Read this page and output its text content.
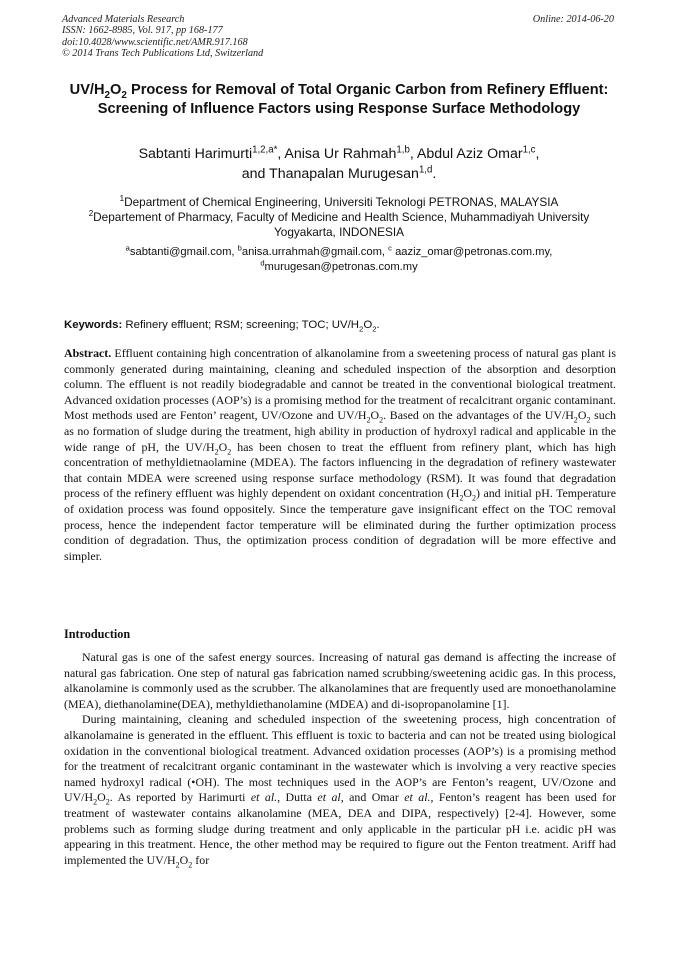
Advanced Materials Research
ISSN: 1662-8985, Vol. 917, pp 168-177
doi:10.4028/www.scientific.net/AMR.917.168
© 2014 Trans Tech Publications Ltd, Switzerland
Online: 2014-06-20
$UV/H_2O_2$ Process for Removal of Total Organic Carbon from Refinery Effluent: Screening of Influence Factors using Response Surface Methodology
Sabtanti Harimurti$^{1,2,a*}$, Anisa Ur Rahmah$^{1,b}$, Abdul Aziz Omar$^{1,c}$,
and Thanapalan Murugesan$^{1,d}$.
$^1$Department of Chemical Engineering, Universiti Teknologi PETRONAS, MALAYSIA
$^2$Departement of Pharmacy, Faculty of Medicine and Health Science, Muhammadiyah University
Yogyakarta, INDONESIA
$^a$sabtanti@gmail.com, $^b$anisa.urrahmah@gmail.com, $^c$ aaziz_omar@petronas.com.my,
$^d$murugesan@petronas.com.my
Keywords: Refinery effluent; RSM; screening; TOC; $UV/H_2O_2$.
Abstract. Effluent containing high concentration of alkanolamine from a sweetening process of natural gas plant is commonly generated during maintaining, cleaning and scheduled inspection of the absorption and desorption column. The effluent is not readily biodegradable and cannot be treated in the conventional biological treatment. Advanced oxidation processes (AOP’s) is a promising method for the treatment of recalcitrant organic contaminant. Most methods used are Fenton’ reagent, UV/Ozone and $UV/H_2O_2$. Based on the advantages of the $UV/H_2O_2$ such as no formation of sludge during the treatment, high ability in production of hydroxyl radical and applicable in the wide range of pH, the $UV/H_2O_2$ has been chosen to treat the effluent from refinery plant, which has high concentration of methyldietnaolamine (MDEA). The factors influencing in the degradation of refinery wastewater that contain MDEA were screened using response surface methodology (RSM). It was found that degradation process of the refinery effluent was highly dependent on oxidant concentration $(H_2O_2)$ and initial pH. Temperature of oxidation process was found oppositely. Since the temperature gave insignificant effect on the TOC removal process, hence the independent factor temperature will be eliminated during the further optimization process condition of degradation. Thus, the optimization process condition of degradation will be more effective and simpler.
Introduction

Natural gas is one of the safest energy sources. Increasing of natural gas demand is affecting the increase of natural gas fabrication. One step of natural gas fabrication named scrubbing/sweetening acidic gas. In this process, alkanolamine is commonly used as the scrubber. The alkanolamines that are frequently used are monoethanolamine (MEA), diethanolamine(DEA), methyldiethanolamine (MDEA) and di-isopropanolamine [1].

During maintaining, cleaning and scheduled inspection of the sweetening process, high concentration of alkanolamaine is generated in the effluent. This effluent is toxic to bacteria and can not be treated using biological oxidation in the conventional biological treatment. Advanced oxidation processes (AOP’s) is a promising method for the treatment of recalcitrant organic contaminant in the wastewater which is involving a very reactive species named hydroxyl radical (•OH). The most techniques used in the AOP’s are Fenton’s reagent, UV/Ozone and $UV/H_2O_2$. As reported by Harimurti et al., Dutta et al, and Omar et al., Fenton’s reagent has been used for treatment of wastewater contains alkanolamine (MEA, DEA and DIPA, respectively) [2-4]. However, some problems such as forming sludge during treatment and only applicable in the particular pH i.e. acidic pH was appearing in this treatment. Hence, the other method may be required to figure out the Fenton treatment. Ariff had implemented the $UV/H_2O_2$ for
